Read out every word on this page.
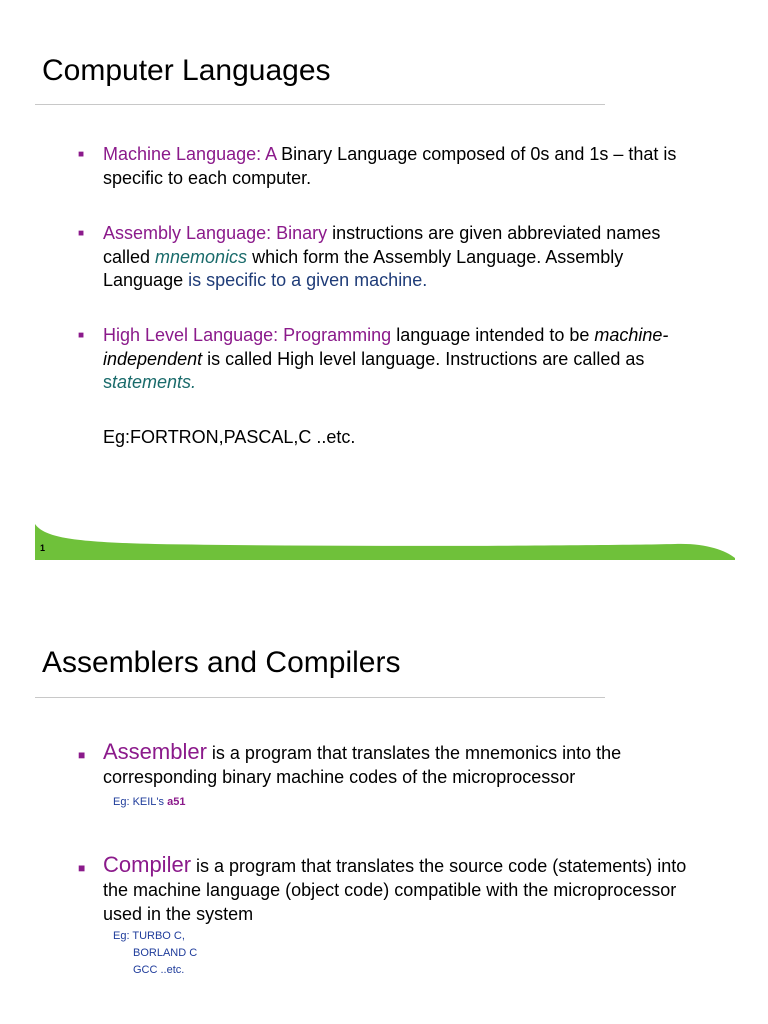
Computer Languages
■ Machine Language: A Binary Language composed of 0s and 1s – that is specific to each computer.
■ Assembly Language: Binary instructions are given abbreviated names called mnemonics which form the Assembly Language. Assembly Language is specific to a given machine.
■ High Level Language: Programming language intended to be machine-independent is called High level language. Instructions are called as statements.
Eg:FORTRON,PASCAL,C ..etc.
1
Assemblers and Compilers
■ Assembler is a program that translates the mnemonics into the corresponding binary machine codes of the microprocessor
Eg: KEIL's a51
■ Compiler is a program that translates the source code (statements) into the machine language (object code) compatible with the microprocessor used in the system
Eg: TURBO C,
BORLAND C
GCC ..etc.
